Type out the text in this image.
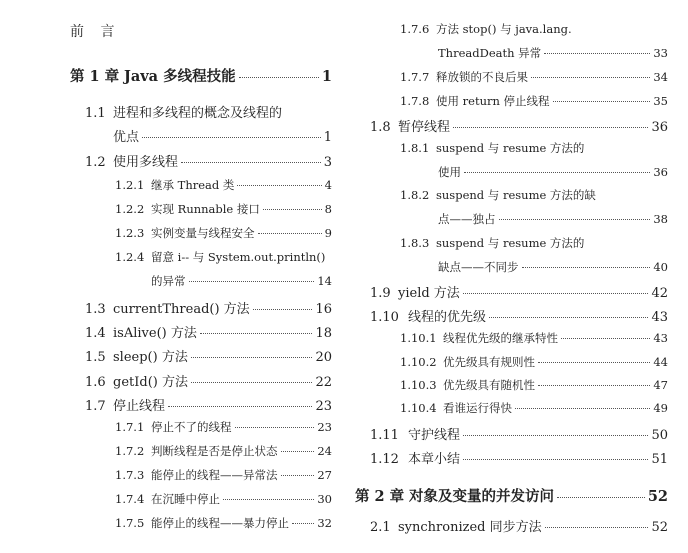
前 言
第 1 章 Java 多线程技能	1
1.1 进程和多线程的概念及线程的
优点	1
1.2 使用多线程	3
1.2.1 继承 Thread 类	4
1.2.2 实现 Runnable 接口	8
1.2.3 实例变量与线程安全	9
1.2.4 留意 i-- 与 System.out.println()
的异常	14
1.3 currentThread() 方法	16
1.4 isAlive() 方法	18
1.5 sleep() 方法	20
1.6 getId() 方法	22
1.7 停止线程	23
1.7.1 停止不了的线程	23
1.7.2 判断线程是否是停止状态	24
1.7.3 能停止的线程——异常法	27
1.7.4 在沉睡中停止	30
1.7.5 能停止的线程——暴力停止 32
1.7.6 方法 stop() 与 java.lang.
ThreadDeath 异常	33
1.7.7 释放锁的不良后果	34
1.7.8 使用 return 停止线程	35
1.8 暂停线程	36
1.8.1 suspend 与 resume 方法的
使用	36
1.8.2 suspend 与 resume 方法的缺
点——独占	38
1.8.3 suspend 与 resume 方法的
缺点——不同步	40
1.9 yield 方法	42
1.10 线程的优先级	43
1.10.1 线程优先级的继承特性	43
1.10.2 优先级具有规则性	44
1.10.3 优先级具有随机性	47
1.10.4 看谁运行得快	49
1.11 守护线程	50
1.12 本章小结	51
第 2 章 对象及变量的并发访问	52
2.1 synchronized 同步方法	52
